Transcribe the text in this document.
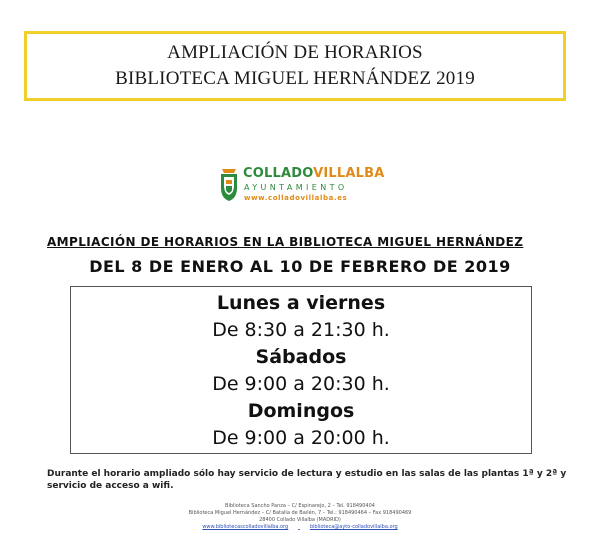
AMPLIACIÓN DE HORARIOS
BIBLIOTECA MIGUEL HERNÁNDEZ 2019
COLLADOVILLALBA
AYUNTAMIENTO
www.colladovillalba.es
AMPLIACIÓN DE HORARIOS EN LA BIBLIOTECA MIGUEL HERNÁNDEZ
DEL 8 DE ENERO AL 10 DE FEBRERO DE 2019
Lunes a viernes
De 8:30 a 21:30 h.
Sábados
De 9:00 a 20:30 h.
Domingos
De 9:00 a 20:00 h.
Durante el horario ampliado sólo hay servicio de lectura y estudio en las salas de las plantas 1ª y 2ª y servicio de acceso a wifi.
Biblioteca Sancho Panza – C/ Espinarejo, 2 – Tel. 918490404
Biblioteca Miguel Hernández – C/ Batalla de Bailén, 7 – Tel.: 918490464 – Fax 918490469
28400 Collado Villalba (MADRID)
www.bibliotecascolladovillalba.org	biblioteca@ayto-colladovillalba.org
